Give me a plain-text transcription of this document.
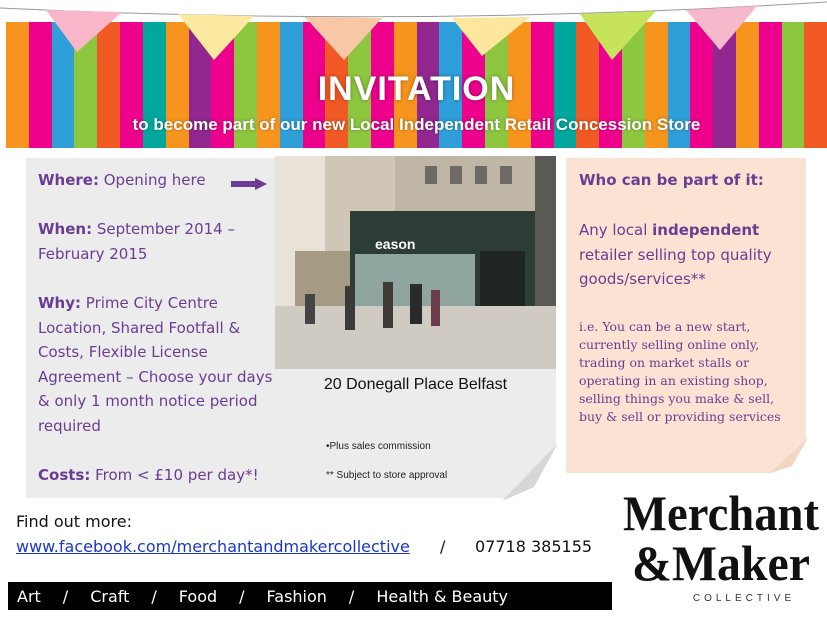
INVITATION
to become part of our new Local Independent Retail Concession Store
Where: Opening here
When: September 2014 – February 2015
Why: Prime City Centre Location, Shared Footfall & Costs, Flexible License Agreement – Choose your days & only 1 month notice period required
Costs: From < £10 per day*!
eason
20 Donegall Place Belfast
•Plus sales commission
** Subject to store approval
Who can be part of it:
Any local independent retailer selling top quality goods/services**
i.e. You can be a new start, currently selling online only, trading on market stalls or operating in an existing shop, selling things you make & sell, buy & sell or providing services
Find out more:
www.facebook.com/merchantandmakercollective / 07718 385155
Art	/	Craft	/	Food	/	Fashion	/	Health & Beauty
Merchant
&Maker
COLLECTIVE
